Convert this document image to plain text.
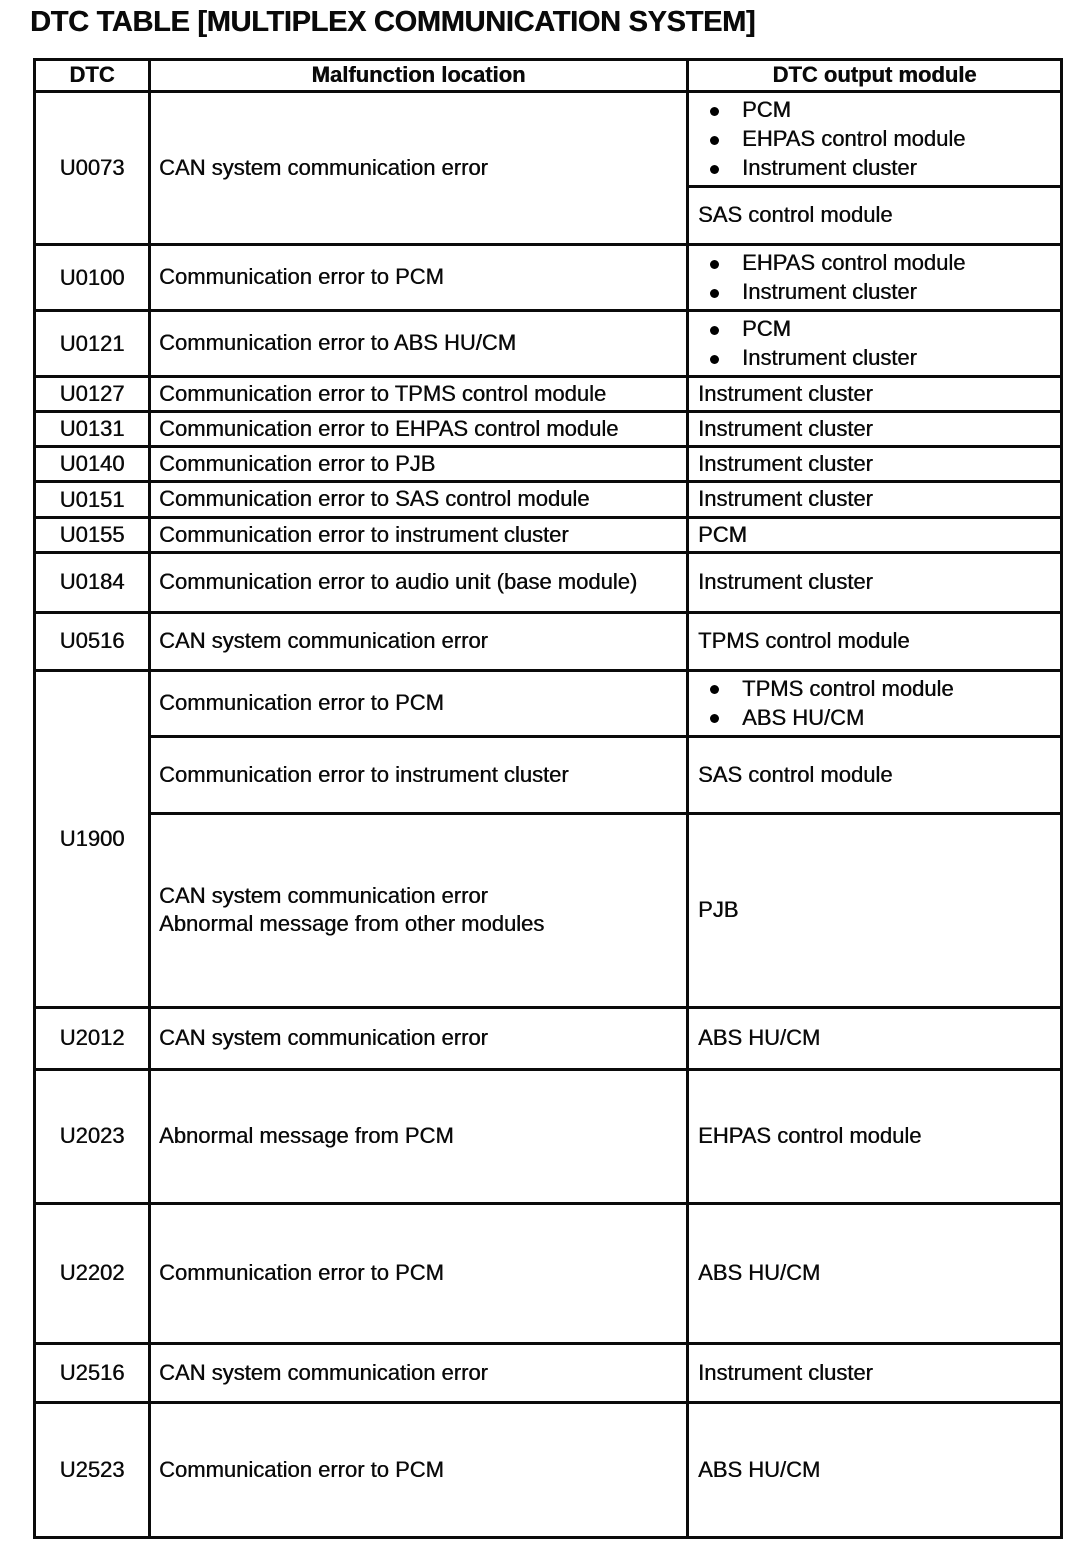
DTC TABLE [MULTIPLEX COMMUNICATION SYSTEM]
DTC	Malfunction location	DTC output module
U0073	CAN system communication error	PCM
EHPAS control module
Instrument cluster

		SAS control module
U0100	Communication error to PCM	EHPAS control module
Instrument cluster

U0121	Communication error to ABS HU/CM	PCM
Instrument cluster

U0127	Communication error to TPMS control module	Instrument cluster
U0131	Communication error to EHPAS control module	Instrument cluster
U0140	Communication error to PJB	Instrument cluster
U0151	Communication error to SAS control module	Instrument cluster
U0155	Communication error to instrument cluster	PCM
U0184	Communication error to audio unit (base module)	Instrument cluster
U0516	CAN system communication error	TPMS control module
U1900	Communication error to PCM	TPMS control module
ABS HU/CM

	Communication error to instrument cluster	SAS control module

	CAN system communication error
Abnormal message from other modules	PJB
U2012	CAN system communication error	ABS HU/CM
U2023	Abnormal message from PCM	EHPAS control module
U2202	Communication error to PCM	ABS HU/CM
U2516	CAN system communication error	Instrument cluster
U2523	Communication error to PCM	ABS HU/CM
